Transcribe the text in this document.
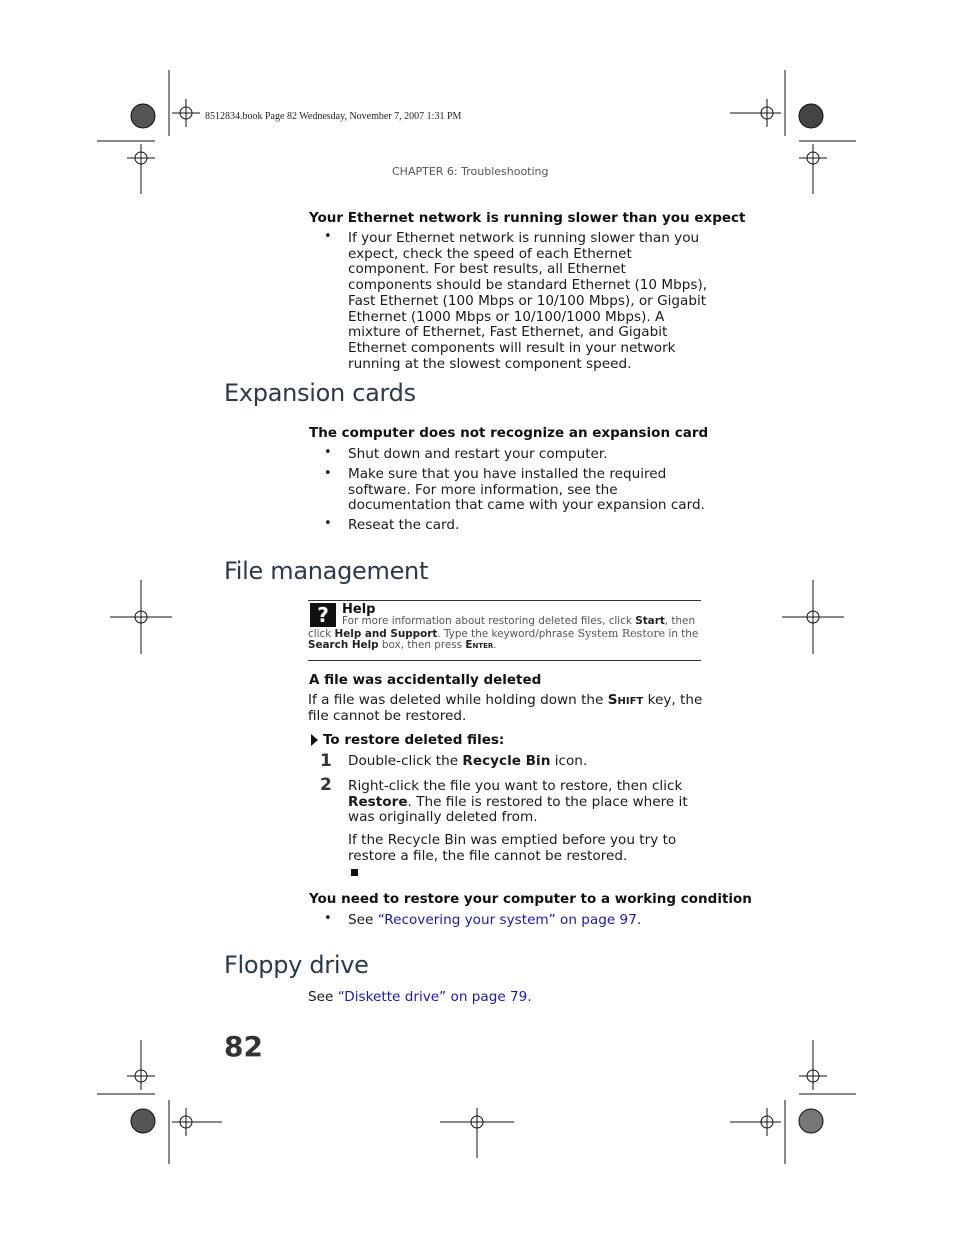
8512834.book Page 82 Wednesday, November 7, 2007 1:31 PM
CHAPTER 6: Troubleshooting
Your Ethernet network is running slower than you expect
• If your Ethernet network is running slower than you expect, check the speed of each Ethernet component. For best results, all Ethernet components should be standard Ethernet (10 Mbps), Fast Ethernet (100 Mbps or 10/100 Mbps), or Gigabit Ethernet (1000 Mbps or 10/100/1000 Mbps). A mixture of Ethernet, Fast Ethernet, and Gigabit Ethernet components will result in your network running at the slowest component speed.
Expansion cards
The computer does not recognize an expansion card
• Shut down and restart your computer.
• Make sure that you have installed the required software. For more information, see the documentation that came with your expansion card.
• Reseat the card.
File management
?	Help
For more information about restoring deleted files, click Start, then click Help and Support. Type the keyword/phrase System Restore in the Search Help box, then press Enter.
A file was accidentally deleted
If a file was deleted while holding down the Shift key, the file cannot be restored.
To restore deleted files:
1 Double-click the Recycle Bin icon.
2 Right-click the file you want to restore, then click Restore. The file is restored to the place where it was originally deleted from.
If the Recycle Bin was emptied before you try to restore a file, the file cannot be restored.
You need to restore your computer to a working condition
• See “Recovering your system” on page 97.
Floppy drive
See “Diskette drive” on page 79.
82
